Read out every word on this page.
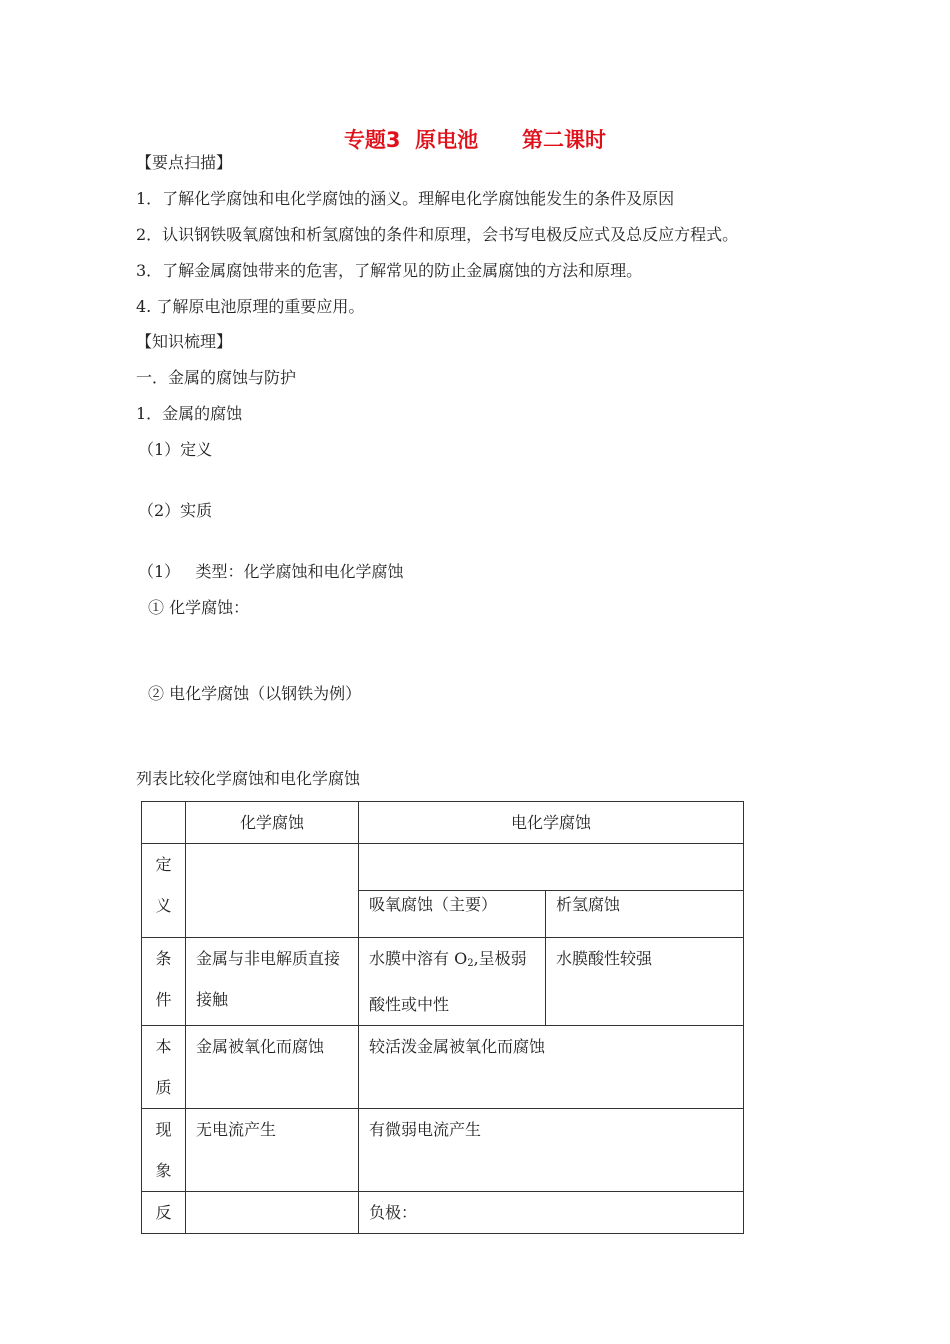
专题3  原电池      第二课时
【要点扫描】
1．了解化学腐蚀和电化学腐蚀的涵义。理解电化学腐蚀能发生的条件及原因
2．认识钢铁吸氧腐蚀和析氢腐蚀的条件和原理，会书写电极反应式及总反应方程式。
3．了解金属腐蚀带来的危害，了解常见的防止金属腐蚀的方法和原理。
4. 了解原电池原理的重要应用。
【知识梳理】
一．金属的腐蚀与防护
1．金属的腐蚀
（1）定义
（2）实质
（1）   类型：化学腐蚀和电化学腐蚀
① 化学腐蚀：
② 电化学腐蚀（以钢铁为例）
列表比较化学腐蚀和电化学腐蚀
	化学腐蚀	电化学腐蚀	
定
义			
		吸氧腐蚀（主要）	析氢腐蚀
条
件	金属与非电解质直接接触	水膜中溶有 $O_2$,呈极弱酸性或中性	水膜酸性较强
本
质	金属被氧化而腐蚀	较活泼金属被氧化而腐蚀	
现
象	无电流产生	有微弱电流产生	
反		负极：	
